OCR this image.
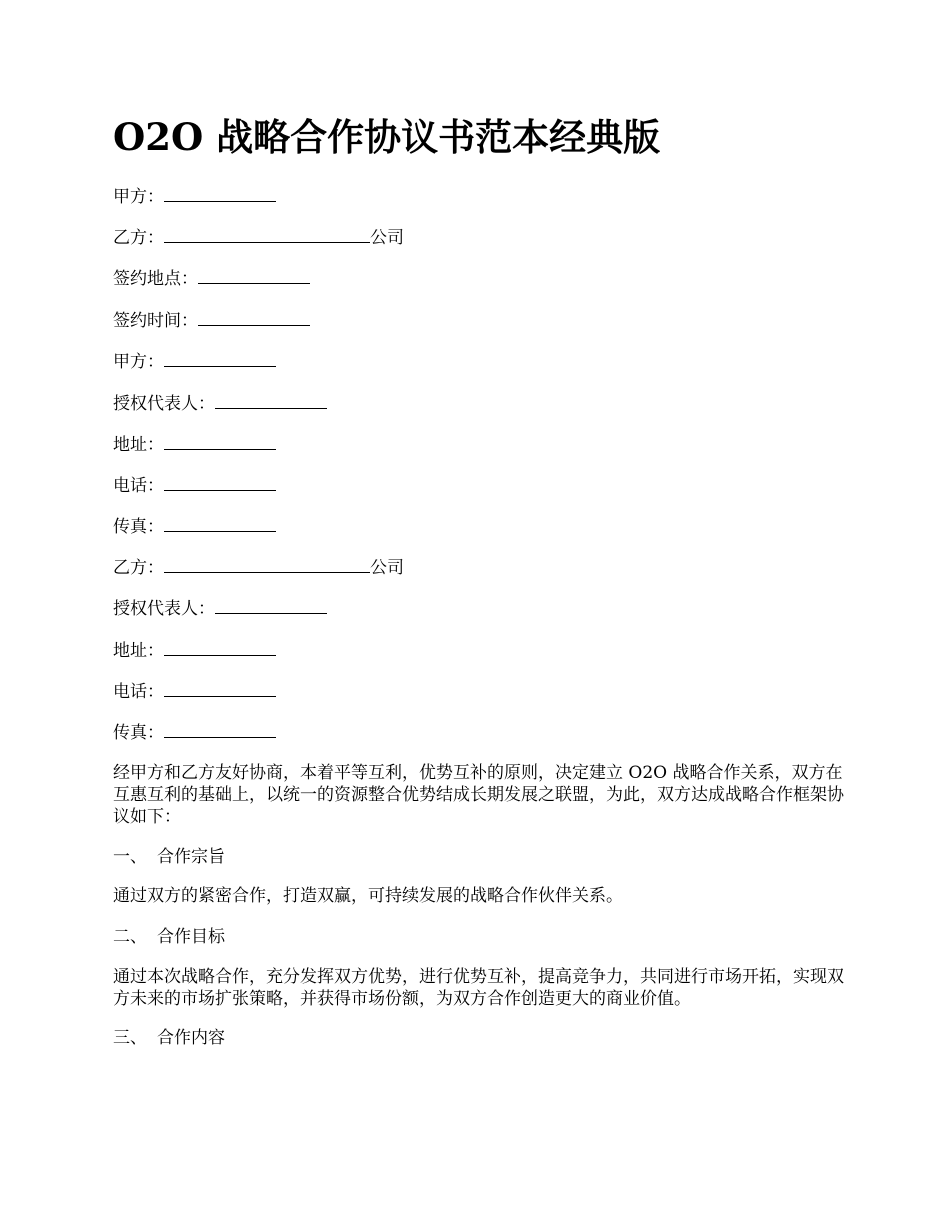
O2O 战略合作协议书范本经典版
甲方：
乙方：	公司
签约地点：
签约时间：
甲方：
授权代表人：
地址：
电话：
传真：
乙方：	公司
授权代表人：
地址：
电话：
传真：

经甲方和乙方友好协商，本着平等互利，优势互补的原则，决定建立 O2O 战略合作关系，双方在互惠互利的基础上，以统一的资源整合优势结成长期发展之联盟，为此，双方达成战略合作框架协议如下：

一、 合作宗旨

通过双方的紧密合作，打造双赢，可持续发展的战略合作伙伴关系。

二、 合作目标

通过本次战略合作，充分发挥双方优势，进行优势互补，提高竞争力，共同进行市场开拓，实现双方未来的市场扩张策略，并获得市场份额，为双方合作创造更大的商业价值。

三、 合作内容
